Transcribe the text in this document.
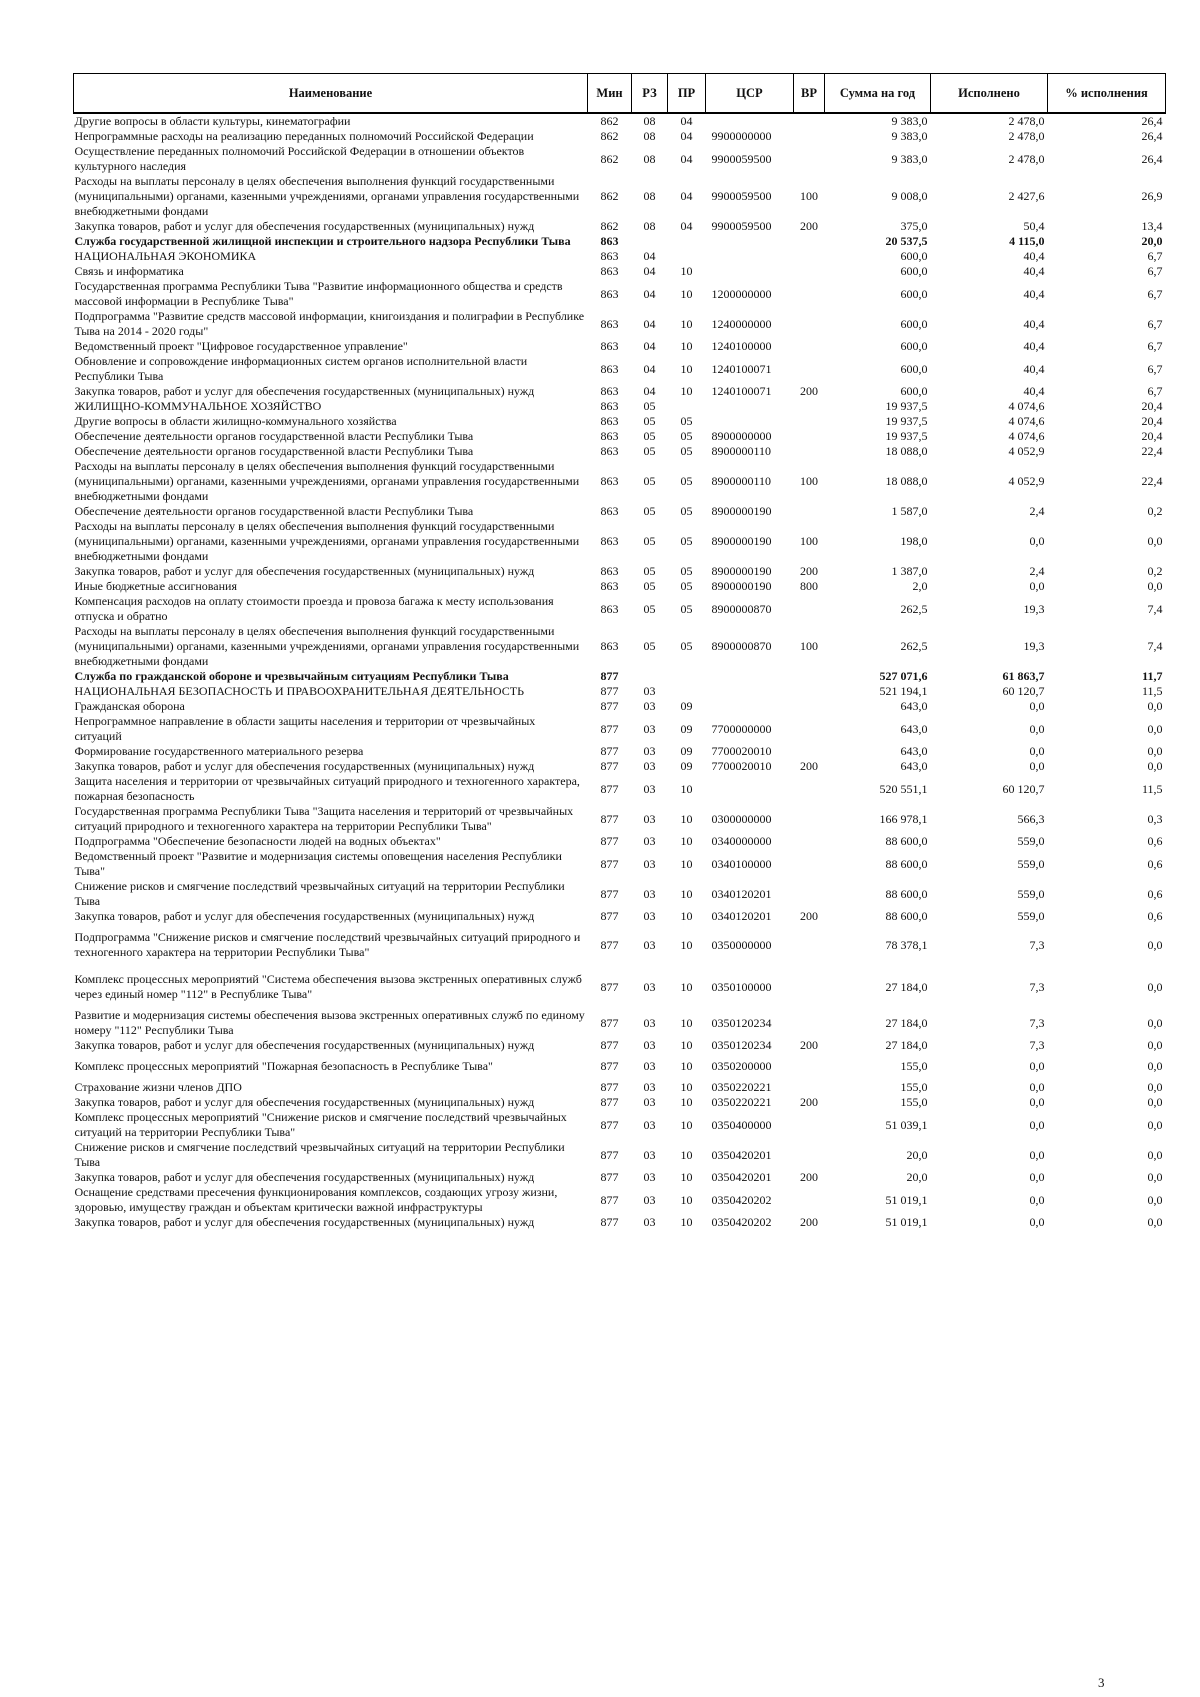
Наименование	Мин	РЗ	ПР	ЦСР	ВР	Сумма на год	Исполнено	% исполнения
Другие вопросы в области культуры, кинематографии	862	08	04			9 383,0	2 478,0	26,4
Непрограммные расходы на реализацию переданных полномочий Российской Федерации	862	08	04	9900000000		9 383,0	2 478,0	26,4
Осуществление переданных полномочий Российской Федерации в отношении объектов культурного наследия	862	08	04	9900059500		9 383,0	2 478,0	26,4
Расходы на выплаты персоналу в целях обеспечения выполнения функций государственными (муниципальными) органами, казенными учреждениями, органами управления государственными внебюджетными фондами	862	08	04	9900059500	100	9 008,0	2 427,6	26,9
Закупка товаров, работ и услуг для обеспечения государственных (муниципальных) нужд	862	08	04	9900059500	200	375,0	50,4	13,4
Служба государственной жилищной инспекции и строительного надзора Республики Тыва	863					20 537,5	4 115,0	20,0
НАЦИОНАЛЬНАЯ ЭКОНОМИКА	863	04				600,0	40,4	6,7
Связь и информатика	863	04	10			600,0	40,4	6,7
Государственная программа Республики Тыва "Развитие информационного общества и средств массовой информации в Республике Тыва"	863	04	10	1200000000		600,0	40,4	6,7
Подпрограмма "Развитие средств массовой информации, книгоиздания и полиграфии в Республике Тыва на 2014 - 2020 годы"	863	04	10	1240000000		600,0	40,4	6,7
Ведомственный проект "Цифровое государственное управление"	863	04	10	1240100000		600,0	40,4	6,7
Обновление и сопровождение информационных систем органов исполнительной власти Республики Тыва	863	04	10	1240100071		600,0	40,4	6,7
Закупка товаров, работ и услуг для обеспечения государственных (муниципальных) нужд	863	04	10	1240100071	200	600,0	40,4	6,7
ЖИЛИЩНО-КОММУНАЛЬНОЕ ХОЗЯЙСТВО	863	05				19 937,5	4 074,6	20,4
Другие вопросы в области жилищно-коммунального хозяйства	863	05	05			19 937,5	4 074,6	20,4
Обеспечение деятельности органов государственной власти Республики Тыва	863	05	05	8900000000		19 937,5	4 074,6	20,4
Обеспечение деятельности органов государственной власти Республики Тыва	863	05	05	8900000110		18 088,0	4 052,9	22,4
Расходы на выплаты персоналу в целях обеспечения выполнения функций государственными (муниципальными) органами, казенными учреждениями, органами управления государственными внебюджетными фондами	863	05	05	8900000110	100	18 088,0	4 052,9	22,4
Обеспечение деятельности органов государственной власти Республики Тыва	863	05	05	8900000190		1 587,0	2,4	0,2
Расходы на выплаты персоналу в целях обеспечения выполнения функций государственными (муниципальными) органами, казенными учреждениями, органами управления государственными внебюджетными фондами	863	05	05	8900000190	100	198,0	0,0	0,0
Закупка товаров, работ и услуг для обеспечения государственных (муниципальных) нужд	863	05	05	8900000190	200	1 387,0	2,4	0,2
Иные бюджетные ассигнования	863	05	05	8900000190	800	2,0	0,0	0,0
Компенсация расходов на оплату стоимости проезда и провоза багажа к месту использования отпуска и обратно	863	05	05	8900000870		262,5	19,3	7,4
Расходы на выплаты персоналу в целях обеспечения выполнения функций государственными (муниципальными) органами, казенными учреждениями, органами управления государственными внебюджетными фондами	863	05	05	8900000870	100	262,5	19,3	7,4
Служба по гражданской обороне и чрезвычайным ситуациям Республики Тыва	877					527 071,6	61 863,7	11,7
НАЦИОНАЛЬНАЯ БЕЗОПАСНОСТЬ И ПРАВООХРАНИТЕЛЬНАЯ ДЕЯТЕЛЬНОСТЬ	877	03				521 194,1	60 120,7	11,5
Гражданская оборона	877	03	09			643,0	0,0	0,0
Непрограммное направление в области защиты населения и территории от чрезвычайных ситуаций	877	03	09	7700000000		643,0	0,0	0,0
Формирование государственного материального резерва	877	03	09	7700020010		643,0	0,0	0,0
Закупка товаров, работ и услуг для обеспечения государственных (муниципальных) нужд	877	03	09	7700020010	200	643,0	0,0	0,0
Защита населения и территории от чрезвычайных ситуаций природного и техногенного характера, пожарная безопасность	877	03	10			520 551,1	60 120,7	11,5
Государственная программа Республики Тыва "Защита населения и территорий от чрезвычайных ситуаций природного и техногенного характера на территории Республики Тыва"	877	03	10	0300000000		166 978,1	566,3	0,3
Подпрограмма "Обеспечение безопасности людей на водных объектах"	877	03	10	0340000000		88 600,0	559,0	0,6
Ведомственный проект "Развитие и модернизация системы оповещения населения Республики Тыва"	877	03	10	0340100000		88 600,0	559,0	0,6
Снижение рисков и смягчение последствий чрезвычайных ситуаций на территории Республики Тыва	877	03	10	0340120201		88 600,0	559,0	0,6
Закупка товаров, работ и услуг для обеспечения государственных (муниципальных) нужд	877	03	10	0340120201	200	88 600,0	559,0	0,6
Подпрограмма "Снижение рисков и смягчение последствий чрезвычайных ситуаций природного и техногенного характера на территории Республики Тыва"	877	03	10	0350000000		78 378,1	7,3	0,0
Комплекс процессных мероприятий "Система обеспечения вызова экстренных оперативных служб через единый номер "112" в Республике Тыва"	877	03	10	0350100000		27 184,0	7,3	0,0
Развитие и модернизация системы обеспечения вызова экстренных оперативных служб по единому номеру "112" Республики Тыва	877	03	10	0350120234		27 184,0	7,3	0,0
Закупка товаров, работ и услуг для обеспечения государственных (муниципальных) нужд	877	03	10	0350120234	200	27 184,0	7,3	0,0
Комплекс процессных мероприятий "Пожарная безопасность в Республике Тыва"	877	03	10	0350200000		155,0	0,0	0,0
Страхование жизни членов ДПО	877	03	10	0350220221		155,0	0,0	0,0
Закупка товаров, работ и услуг для обеспечения государственных (муниципальных) нужд	877	03	10	0350220221	200	155,0	0,0	0,0
Комплекс процессных мероприятий "Снижение рисков и смягчение последствий чрезвычайных ситуаций на территории Республики Тыва"	877	03	10	0350400000		51 039,1	0,0	0,0
Снижение рисков и смягчение последствий чрезвычайных ситуаций на территории Республики Тыва	877	03	10	0350420201		20,0	0,0	0,0
Закупка товаров, работ и услуг для обеспечения государственных (муниципальных) нужд	877	03	10	0350420201	200	20,0	0,0	0,0
Оснащение средствами пресечения функционирования комплексов, создающих угрозу жизни, здоровью, имуществу граждан и объектам критически важной инфраструктуры	877	03	10	0350420202		51 019,1	0,0	0,0
Закупка товаров, работ и услуг для обеспечения государственных (муниципальных) нужд	877	03	10	0350420202	200	51 019,1	0,0	0,0
3
